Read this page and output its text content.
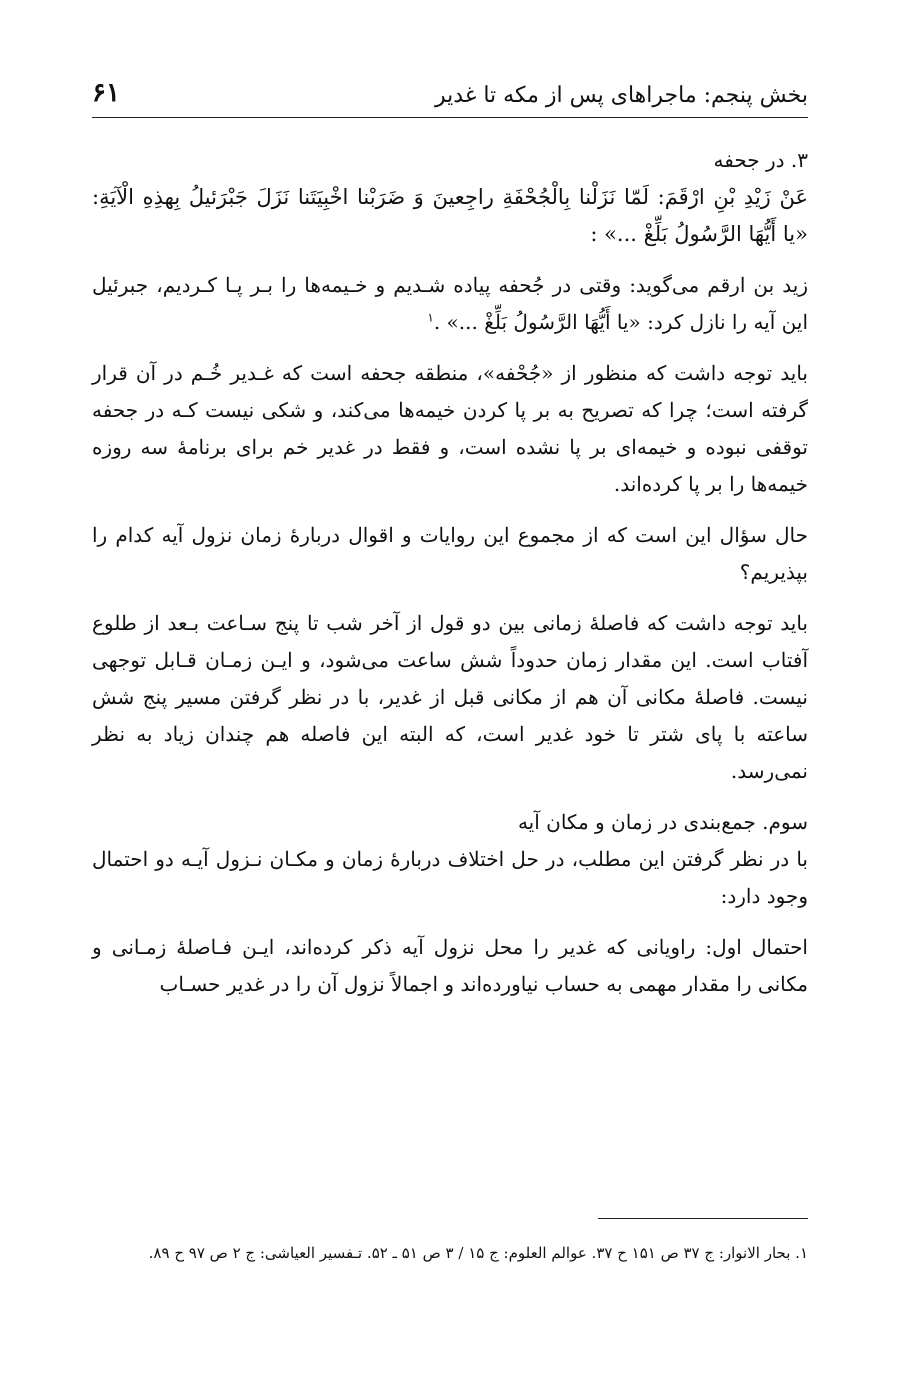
بخش پنجم: ماجراهای پس از مکه تا غدیر
۶۱

۳. در جحفه

عَنْ زَيْدِ بْنِ ارْقَمَ: لَمّا نَزَلْنا بِالْجُحْفَةِ راجِعينَ وَ ضَرَبْنا اخْبِيَتَنا نَزَلَ جَبْرَئيلُ بِهذِهِ الْآيَةِ: «يا أَيُّهَا الرَّسُولُ بَلِّغْ ...» :

زید بن ارقم می‌گوید: وقتی در جُحفه پیاده شـدیم و خـیمه‌ها را بـر پـا کـردیم، جبرئیل این آیه را نازل کرد: «یا أَیُّهَا الرَّسُولُ بَلِّغْ ...» .$^۱$

باید توجه داشت که منظور از «جُحْفه»، منطقه جحفه است که غـدیر خُـم در آن قرار گرفته است؛ چرا که تصریح به بر پا کردن خیمه‌ها می‌کند، و شکی نیست کـه در جحفه توقفی نبوده و خیمه‌ای بر پا نشده است، و فقط در غدیر خم برای برنامهٔ سه روزه خیمه‌ها را بر پا کرده‌اند.

حال سؤال این است که از مجموع این روایات و اقوال دربارهٔ زمان نزول آیه کدام را بپذیریم؟

باید توجه داشت که فاصلهٔ زمانی بین دو قول از آخر شب تا پنج سـاعت بـعد از طلوع آفتاب است. این مقدار زمان حدوداً شش ساعت می‌شود، و ایـن زمـان قـابل توجهی نیست. فاصلهٔ مکانی آن هم از مکانی قبل از غدیر، با در نظر گرفتن مسیر پنج شش ساعته با پای شتر تا خود غدیر است، که البته این فاصله هم چندان زیاد به نظر نمی‌رسد.

سوم. جمع‌بندی در زمان و مکان آیه

با در نظر گرفتن این مطلب، در حل اختلاف دربارهٔ زمان و مکـان نـزول آیـه دو احتمال وجود دارد:

احتمال اول: راویانی که غدیر را محل نزول آیه ذکر کرده‌اند، ایـن فـاصلهٔ زمـانی و مکانی را مقدار مهمی به حساب نیاورده‌اند و اجمالاً نزول آن را در غدیر حسـاب

۱. بحار الانوار: ج ۳۷ ص ۱۵۱ ح ۳۷. عوالم العلوم: ج ۱۵ / ۳ ص ۵۱ ـ ۵۲. تـفسیر العیاشی: ج ۲ ص ۹۷ ح ۸۹.
